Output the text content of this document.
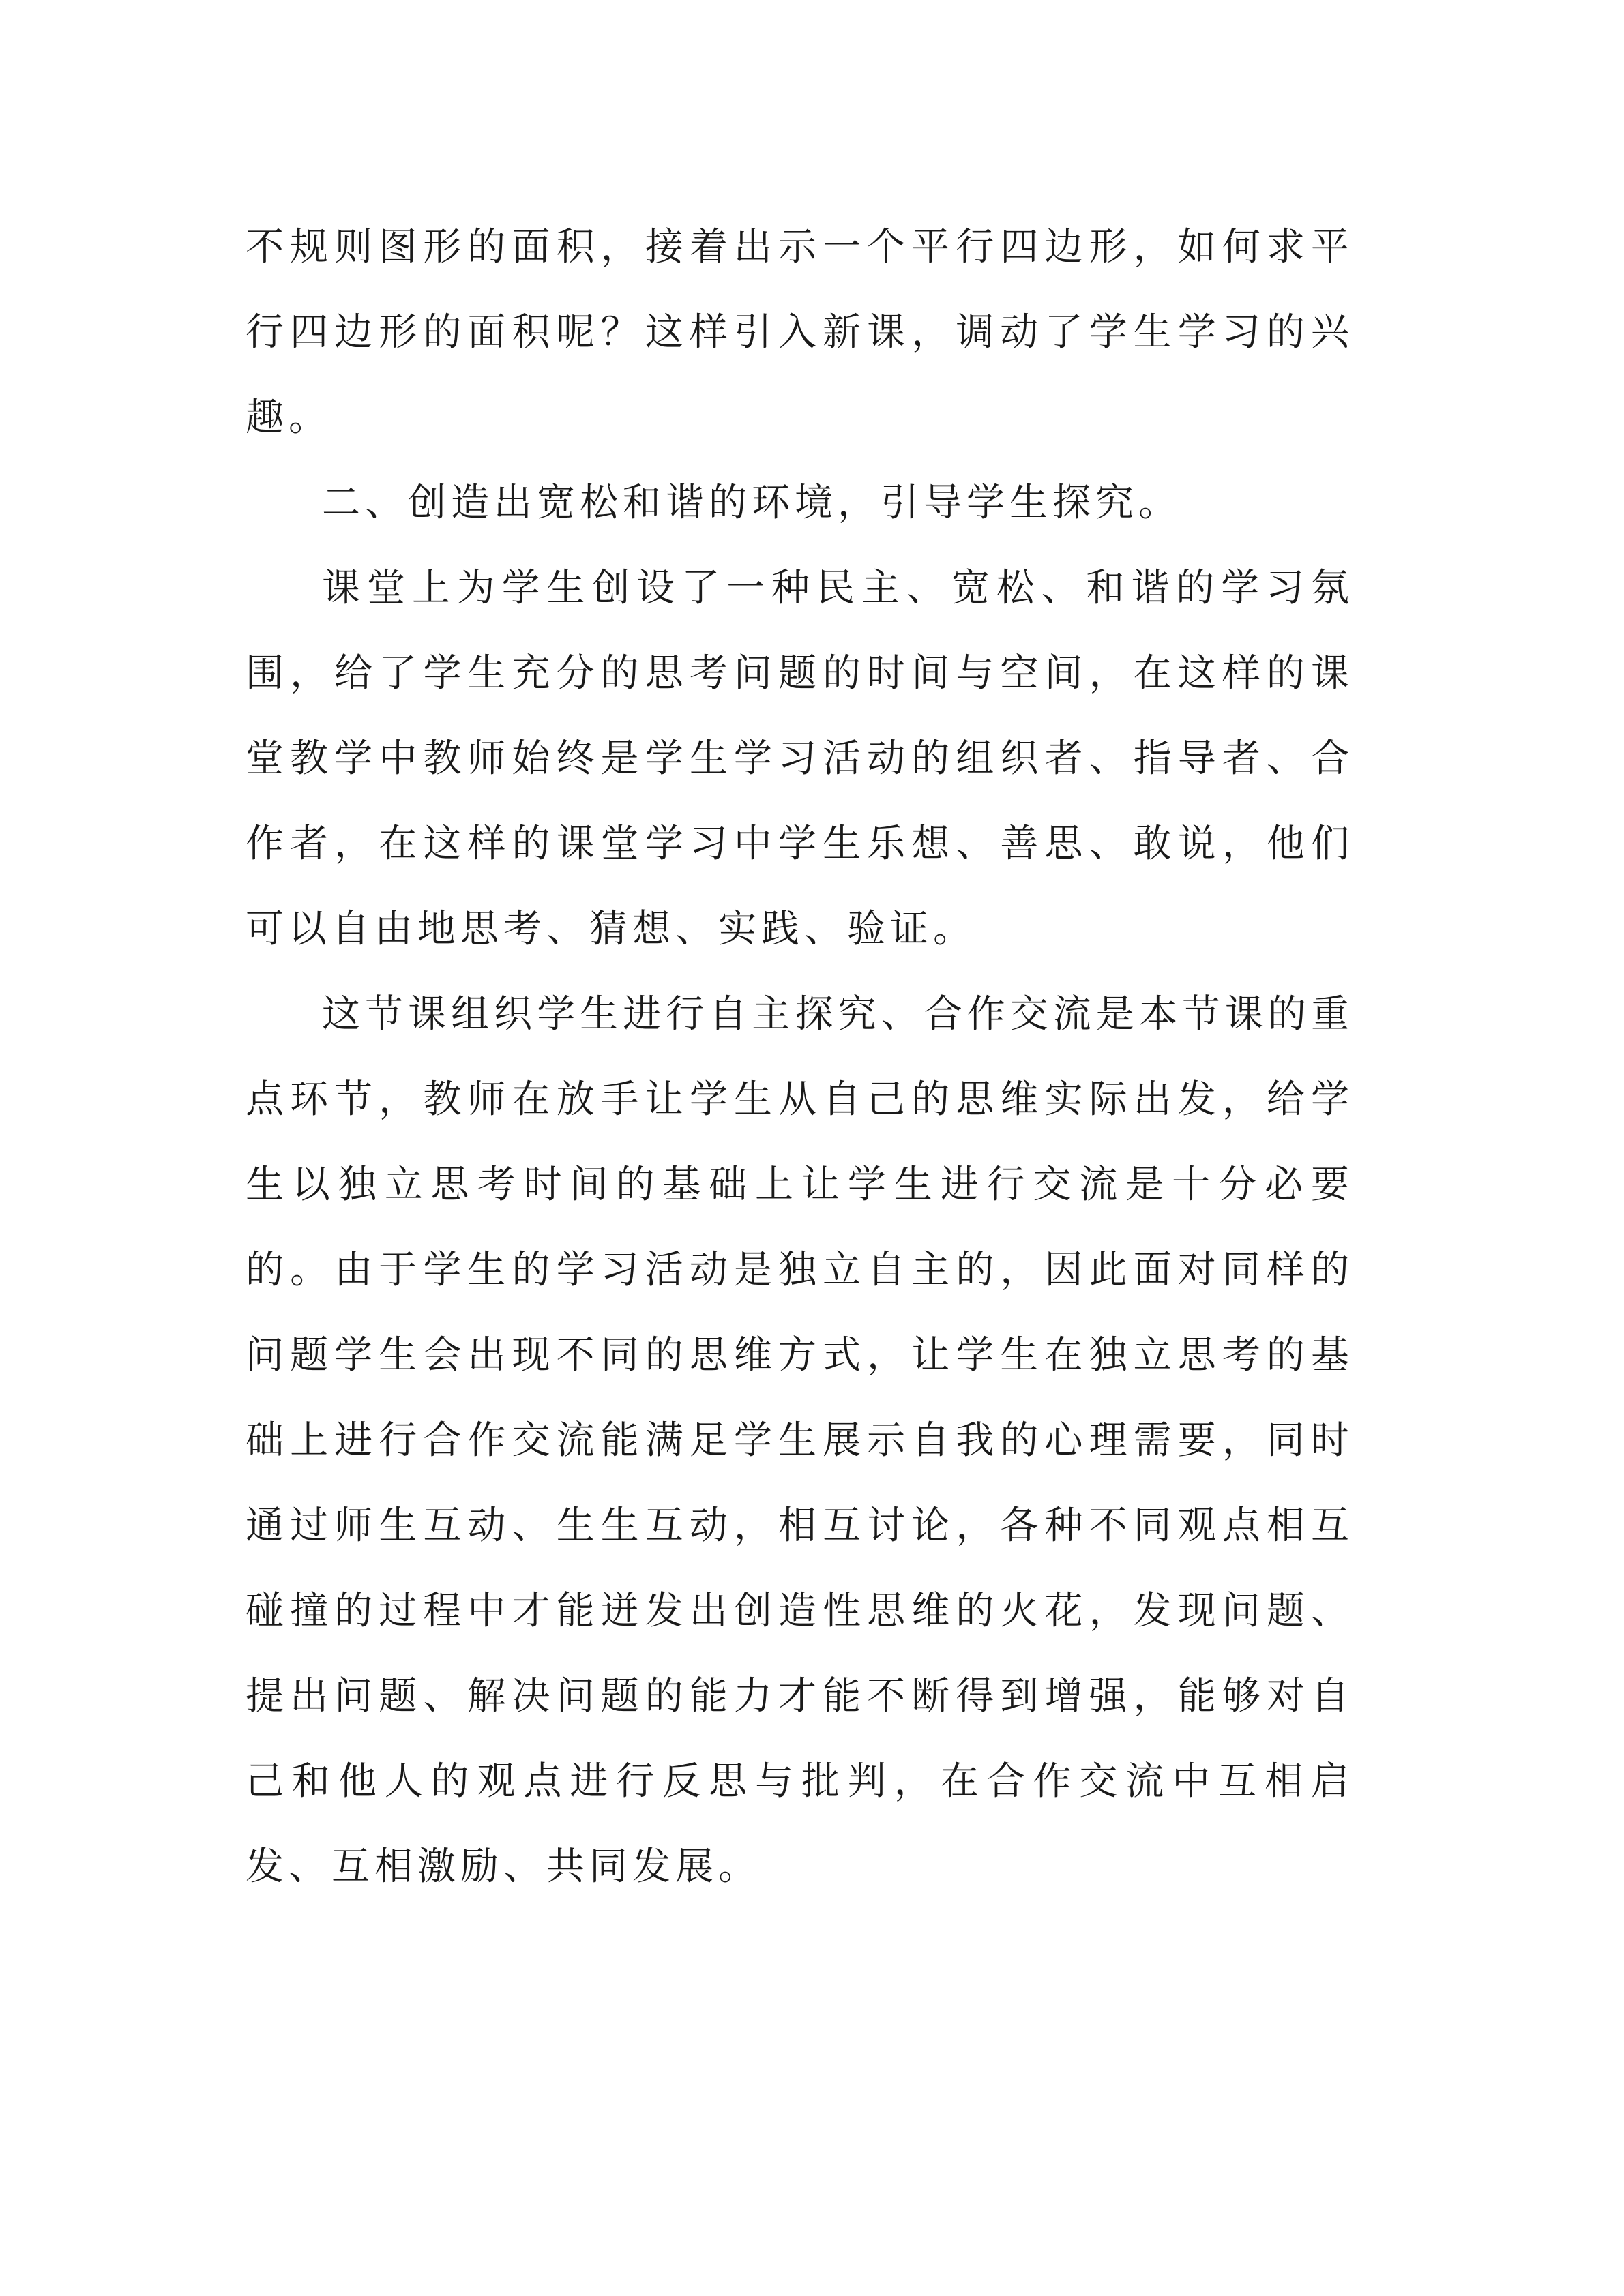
不规则图形的面积，接着出示一个平行四边形，如何求平行四边形的面积呢？这样引入新课，调动了学生学习的兴趣。

二、创造出宽松和谐的环境，引导学生探究。

课堂上为学生创设了一种民主、宽松、和谐的学习氛围，给了学生充分的思考问题的时间与空间，在这样的课堂教学中教师始终是学生学习活动的组织者、指导者、合作者，在这样的课堂学习中学生乐想、善思、敢说，他们可以自由地思考、猜想、实践、验证。

这节课组织学生进行自主探究、合作交流是本节课的重点环节，教师在放手让学生从自己的思维实际出发，给学生以独立思考时间的基础上让学生进行交流是十分必要的。由于学生的学习活动是独立自主的，因此面对同样的问题学生会出现不同的思维方式，让学生在独立思考的基础上进行合作交流能满足学生展示自我的心理需要，同时通过师生互动、生生互动，相互讨论，各种不同观点相互碰撞的过程中才能迸发出创造性思维的火花，发现问题、提出问题、解决问题的能力才能不断得到增强，能够对自己和他人的观点进行反思与批判，在合作交流中互相启发、互相激励、共同发展。
